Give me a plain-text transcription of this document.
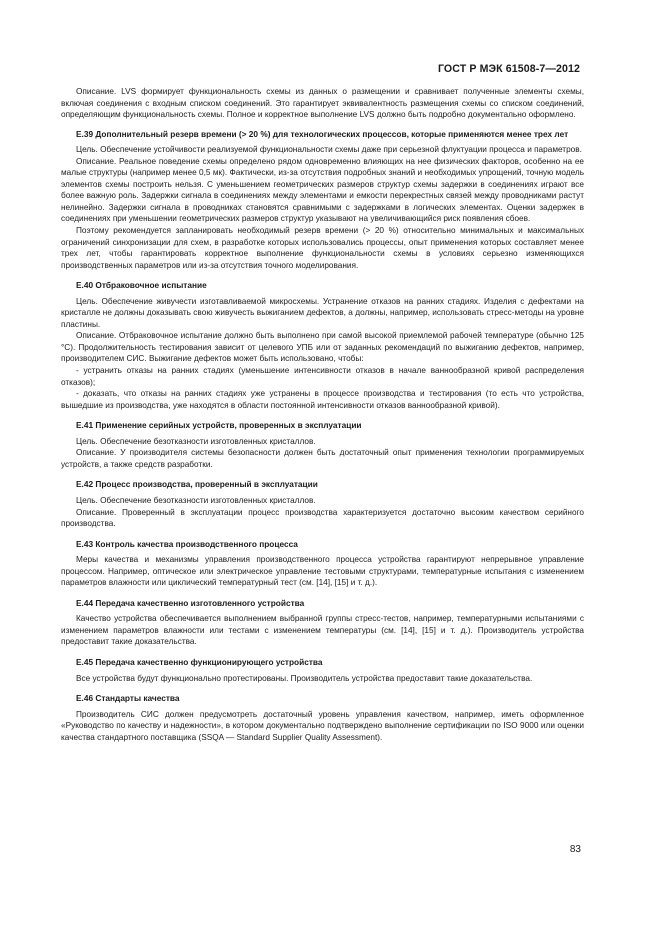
ГОСТ Р МЭК 61508-7—2012

Описание. LVS формирует функциональность схемы из данных о размещении и сравнивает полученные элементы схемы, включая соединения с входным списком соединений. Это гарантирует эквивалентность размещения схемы со списком соединений, определяющим функциональность схемы. Полное и корректное выполнение LVS должно быть подробно документально оформлено.

Е.39 Дополнительный резерв времени (> 20 %) для технологических процессов, которые применяются менее трех лет

Цель. Обеспечение устойчивости реализуемой функциональности схемы даже при серьезной флуктуации процесса и параметров.

Описание. Реальное поведение схемы определено рядом одновременно влияющих на нее физических факторов, особенно на ее малые структуры (например менее 0,5 мк). Фактически, из-за отсутствия подробных знаний и необходимых упрощений, точную модель элементов схемы построить нельзя. С уменьшением геометрических размеров структур схемы задержки в соединениях играют все более важную роль. Задержки сигнала в соединениях между элементами и емкости перекрестных связей между проводниками растут нелинейно. Задержки сигнала в проводниках становятся сравнимыми с задержками в логических элементах. Оценки задержек в соединениях при уменьшении геометрических размеров структур указывают на увеличивающийся риск появления сбоев.

Поэтому рекомендуется запланировать необходимый резерв времени (> 20 %) относительно минимальных и максимальных ограничений синхронизации для схем, в разработке которых использовались процессы, опыт применения которых составляет менее трех лет, чтобы гарантировать корректное выполнение функциональности схемы в условиях серьезно изменяющихся производственных параметров или из-за отсутствия точного моделирования.

Е.40 Отбраковочное испытание

Цель. Обеспечение живучести изготавливаемой микросхемы. Устранение отказов на ранних стадиях. Изделия с дефектами на кристалле не должны доказывать свою живучесть выжиганием дефектов, а должны, например, использовать стресс-методы на уровне пластины.

Описание. Отбраковочное испытание должно быть выполнено при самой высокой приемлемой рабочей температуре (обычно 125 °С). Продолжительность тестирования зависит от целевого УПБ или от заданных рекомендаций по выжиганию дефектов, например, производителем СИС. Выжигание дефектов может быть использовано, чтобы:

- устранить отказы на ранних стадиях (уменьшение интенсивности отказов в начале ваннообразной кривой распределения отказов);

- доказать, что отказы на ранних стадиях уже устранены в процессе производства и тестирования (то есть что устройства, вышедшие из производства, уже находятся в области постоянной интенсивности отказов ваннообразной кривой).

Е.41 Применение серийных устройств, проверенных в эксплуатации

Цель. Обеспечение безотказности изготовленных кристаллов.

Описание. У производителя системы безопасности должен быть достаточный опыт применения технологии программируемых устройств, а также средств разработки.

Е.42 Процесс производства, проверенный в эксплуатации

Цель. Обеспечение безотказности изготовленных кристаллов.

Описание. Проверенный в эксплуатации процесс производства характеризуется достаточно высоким качеством серийного производства.

Е.43 Контроль качества производственного процесса

Меры качества и механизмы управления производственного процесса устройства гарантируют непрерывное управление процессом. Например, оптическое или электрическое управление тестовыми структурами, температурные испытания с изменением параметров влажности или циклический температурный тест (см. [14], [15] и т. д.).

Е.44 Передача качественно изготовленного устройства

Качество устройства обеспечивается выполнением выбранной группы стресс-тестов, например, температурными испытаниями с изменением параметров влажности или тестами с изменением температуры (см. [14], [15] и т. д.). Производитель устройства предоставит такие доказательства.

Е.45 Передача качественно функционирующего устройства

Все устройства будут функционально протестированы. Производитель устройства предоставит такие доказательства.

Е.46 Стандарты качества

Производитель СИС должен предусмотреть достаточный уровень управления качеством, например, иметь оформленное «Руководство по качеству и надежности», в котором документально подтверждено выполнение сертификации по ISO 9000 или оценки качества стандартного поставщика (SSQA — Standard Supplier Quality Assessment).

83
